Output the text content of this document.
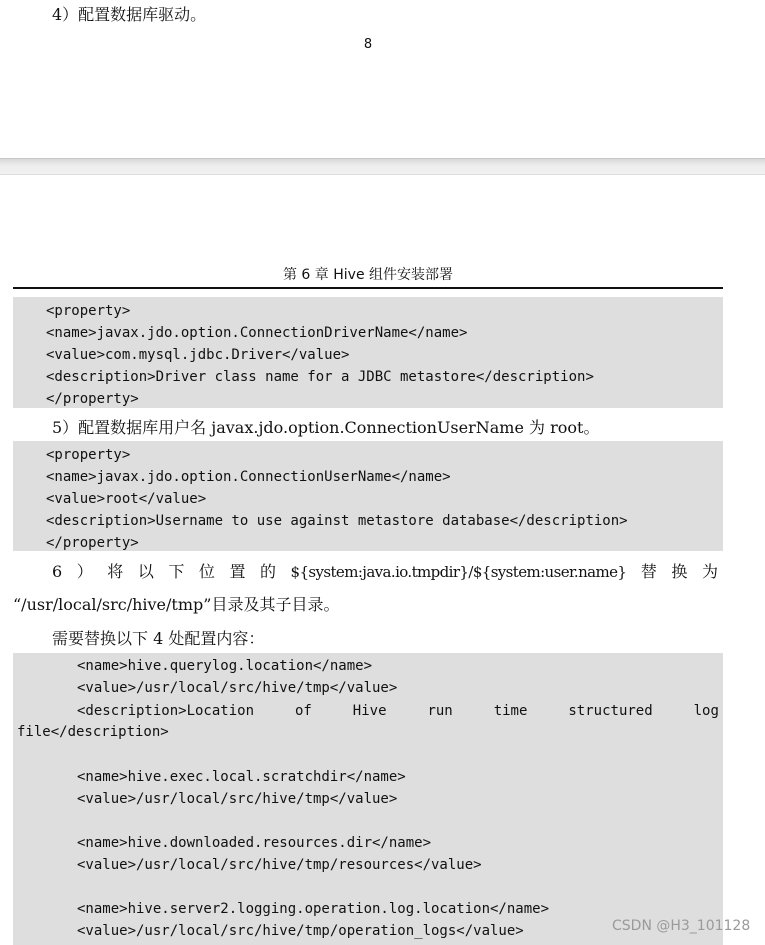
4）配置数据库驱动。
8
第 6 章 Hive 组件安装部署
<property>
<name>javax.jdo.option.ConnectionDriverName</name>
<value>com.mysql.jdbc.Driver</value>
<description>Driver class name for a JDBC metastore</description>
</property>
5）配置数据库用户名 javax.jdo.option.ConnectionUserName 为 root。
<property>
<name>javax.jdo.option.ConnectionUserName</name>
<value>root</value>
<description>Username to use against metastore database</description>
</property>
6 ） 将 以 下 位 置 的 ${system:java.io.tmpdir}/${system:user.name} 替 换 为
“/usr/local/src/hive/tmp”目录及其子目录。
需要替换以下 4 处配置内容：
<name>hive.querylog.location</name>
<value>/usr/local/src/hive/tmp</value>
<description>Location	of	Hive	run	time	structured	log
file</description>
<name>hive.exec.local.scratchdir</name>
<value>/usr/local/src/hive/tmp</value>
<name>hive.downloaded.resources.dir</name>
<value>/usr/local/src/hive/tmp/resources</value>
<name>hive.server2.logging.operation.log.location</name>
<value>/usr/local/src/hive/tmp/operation_logs</value>	CSDN @H3_101128
